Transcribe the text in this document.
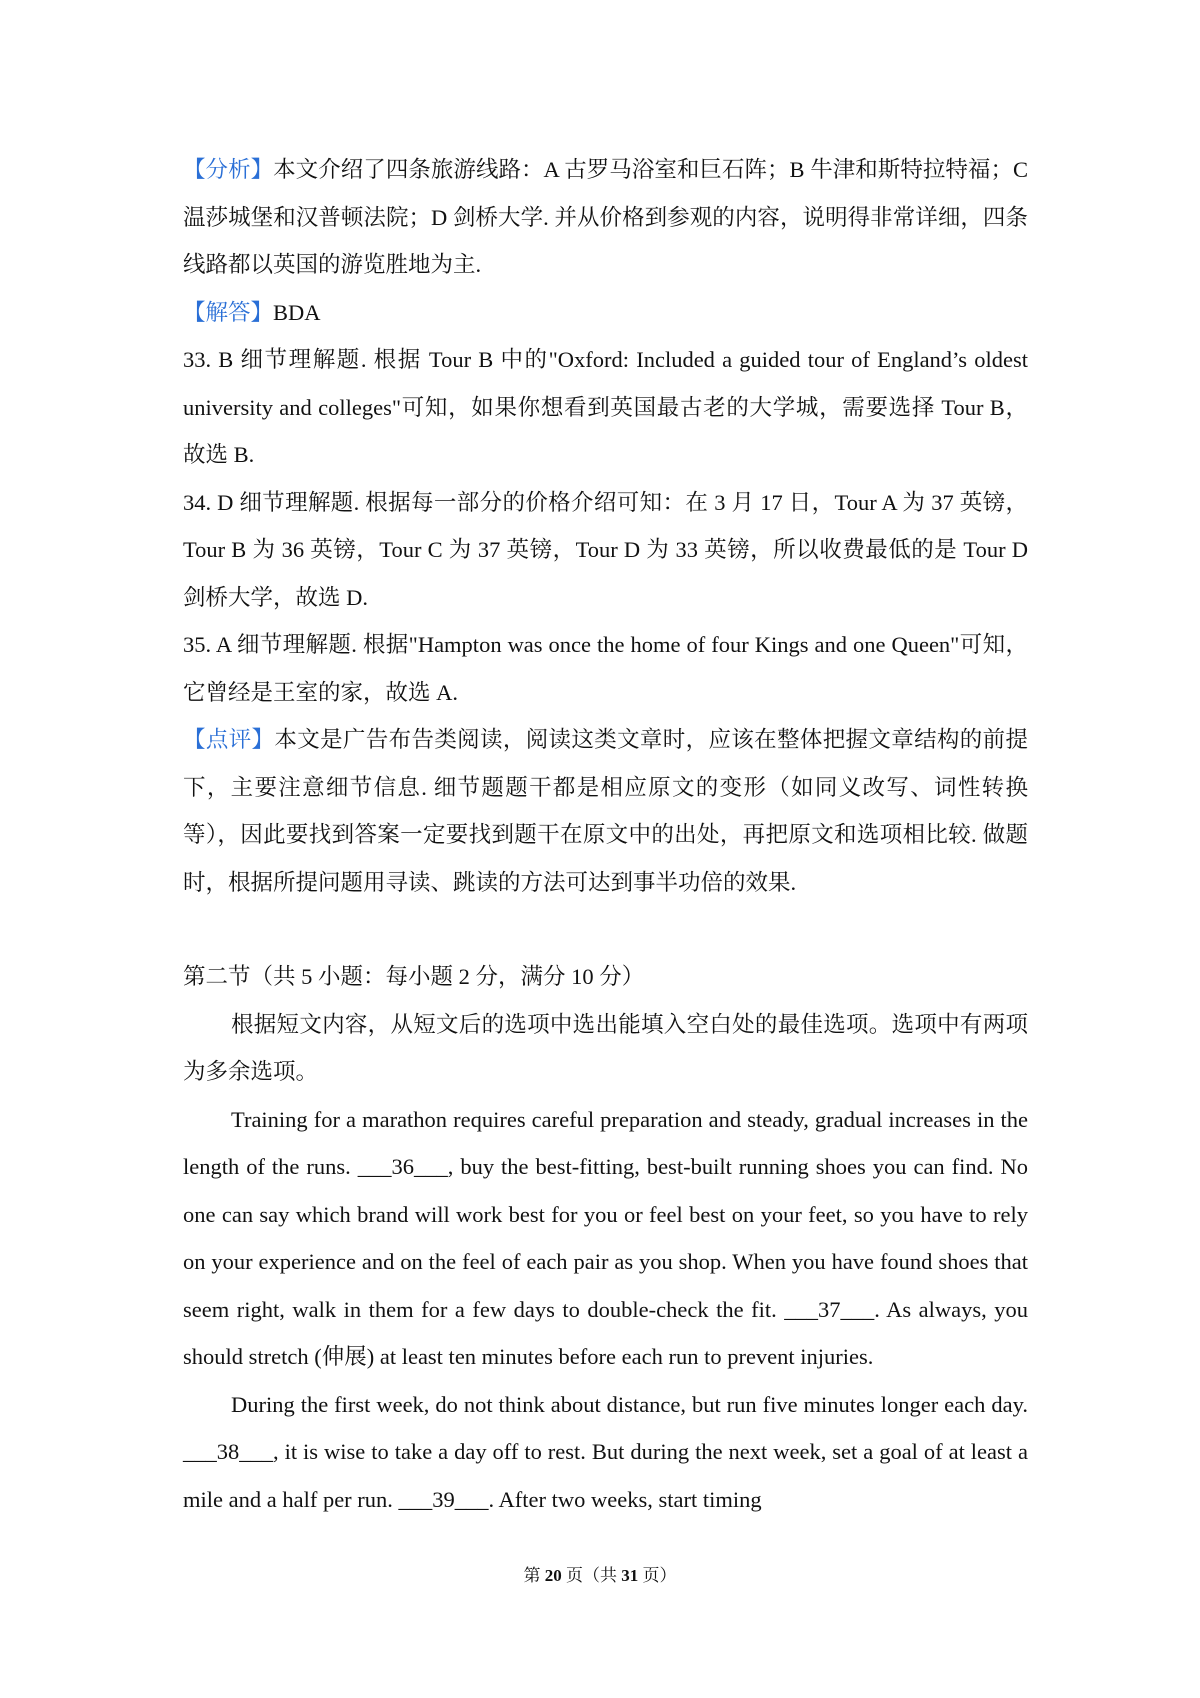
【分析】本文介绍了四条旅游线路：A 古罗马浴室和巨石阵；B 牛津和斯特拉特福；C 温莎城堡和汉普顿法院；D 剑桥大学. 并从价格到参观的内容，说明得非常详细，四条线路都以英国的游览胜地为主.

【解答】BDA

33. B 细节理解题. 根据 Tour B 中的"Oxford: Included a guided tour of England’s oldest university and colleges"可知，如果你想看到英国最古老的大学城，需要选择 Tour B，故选 B.

34. D 细节理解题. 根据每一部分的价格介绍可知：在 3 月 17 日，Tour A 为 37 英镑，Tour B 为 36 英镑，Tour C 为 37 英镑，Tour D 为 33 英镑，所以收费最低的是 Tour D 剑桥大学，故选 D.

35. A 细节理解题. 根据"Hampton was once the home of four Kings and one Queen"可知，它曾经是王室的家，故选 A.

【点评】本文是广告布告类阅读，阅读这类文章时，应该在整体把握文章结构的前提下，主要注意细节信息. 细节题题干都是相应原文的变形（如同义改写、词性转换等），因此要找到答案一定要找到题干在原文中的出处，再把原文和选项相比较. 做题时，根据所提问题用寻读、跳读的方法可达到事半功倍的效果.

第二节（共 5 小题：每小题 2 分，满分 10 分）

根据短文内容，从短文后的选项中选出能填入空白处的最佳选项。选项中有两项为多余选项。

Training for a marathon requires careful preparation and steady, gradual increases in the length of the runs. ___36___, buy the best-fitting, best-built running shoes you can find. No one can say which brand will work best for you or feel best on your feet, so you have to rely on your experience and on the feel of each pair as you shop. When you have found shoes that seem right, walk in them for a few days to double-check the fit. ___37___. As always, you should stretch (伸展) at least ten minutes before each run to prevent injuries.

During the first week, do not think about distance, but run five minutes longer each day. ___38___, it is wise to take a day off to rest. But during the next week, set a goal of at least a mile and a half per run. ___39___. After two weeks, start timing

第 20 页（共 31 页）
